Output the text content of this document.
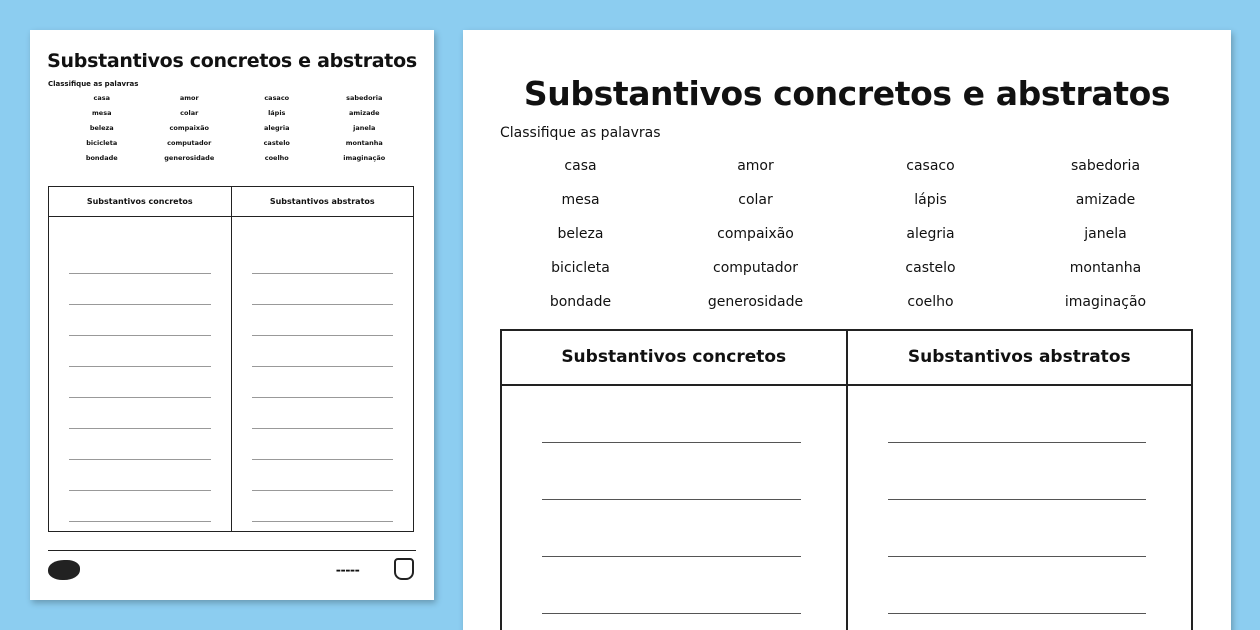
Substantivos concretos e abstratos
Classifique as palavras
casa	amor	casaco	sabedoria
mesa	colar	lápis	amizade
beleza	compaixão	alegria	janela
bicicleta	computador	castelo	montanha
bondade	generosidade	coelho	imaginação
Substantivos concretos	Substantivos abstratos
▬▬▬▬▬
Substantivos concretos e abstratos
Classifique as palavras
casa	amor	casaco	sabedoria
mesa	colar	lápis	amizade
beleza	compaixão	alegria	janela
bicicleta	computador	castelo	montanha
bondade	generosidade	coelho	imaginação
Substantivos concretos	Substantivos abstratos
